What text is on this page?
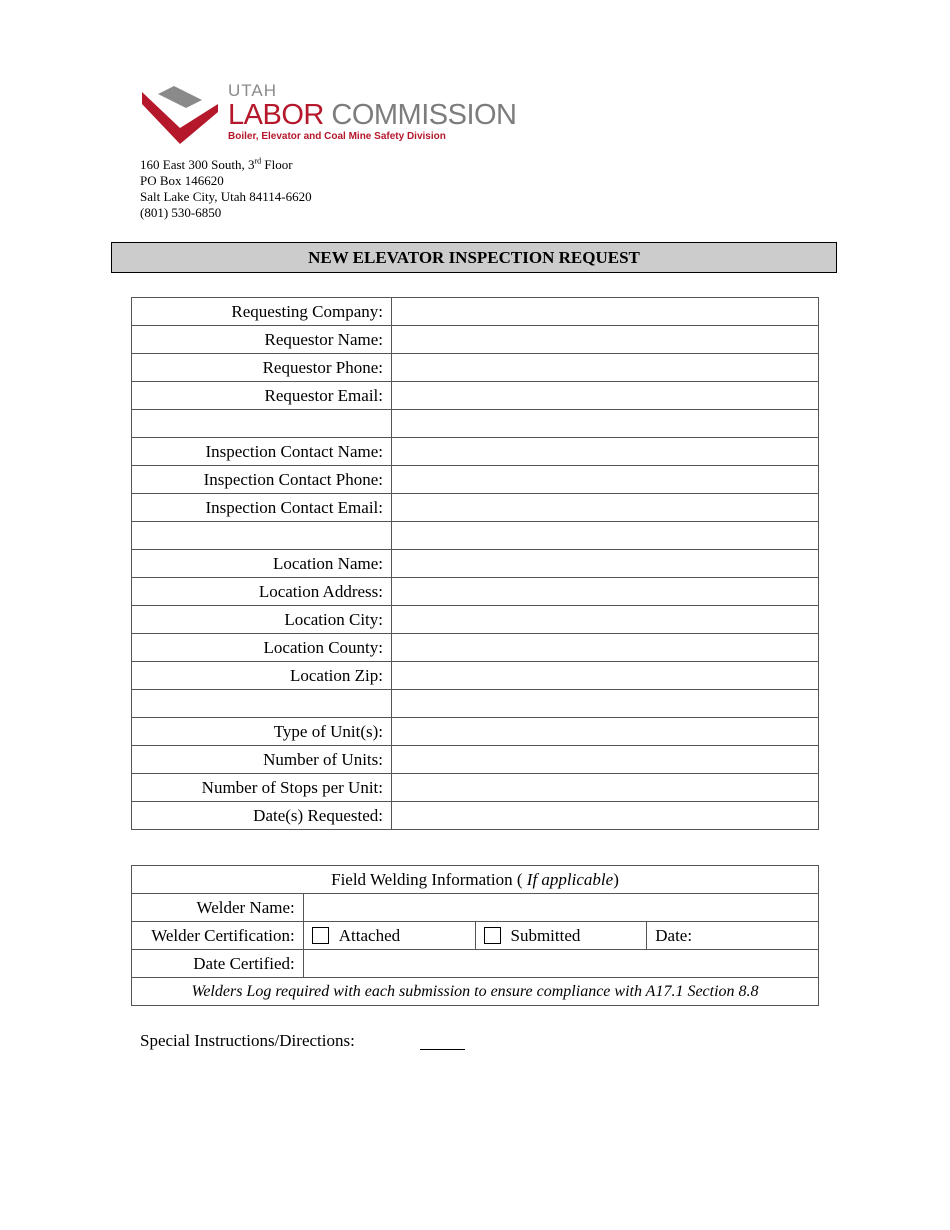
UTAH
LABOR COMMISSION
Boiler, Elevator and Coal Mine Safety Division
160 East 300 South, 3rd Floor
PO Box 146620
Salt Lake City, Utah 84114-6620
(801) 530-6850
NEW ELEVATOR INSPECTION REQUEST
Requesting Company:	
Requestor Name:	
Requestor Phone:	
Requestor Email:	

Inspection Contact Name:	
Inspection Contact Phone:	
Inspection Contact Email:	

Location Name:	
Location Address:	
Location City:	
Location County:	
Location Zip:	

Type of Unit(s):	
Number of Units:	
Number of Stops per Unit:	
Date(s) Requested:	
Field Welding Information ( If applicable)			
Welder Name:			
Welder Certification:	Attached	Submitted	Date:
Date Certified:			
Welders Log required with each submission to ensure compliance with A17.1 Section 8.8			
Special Instructions/Directions:
